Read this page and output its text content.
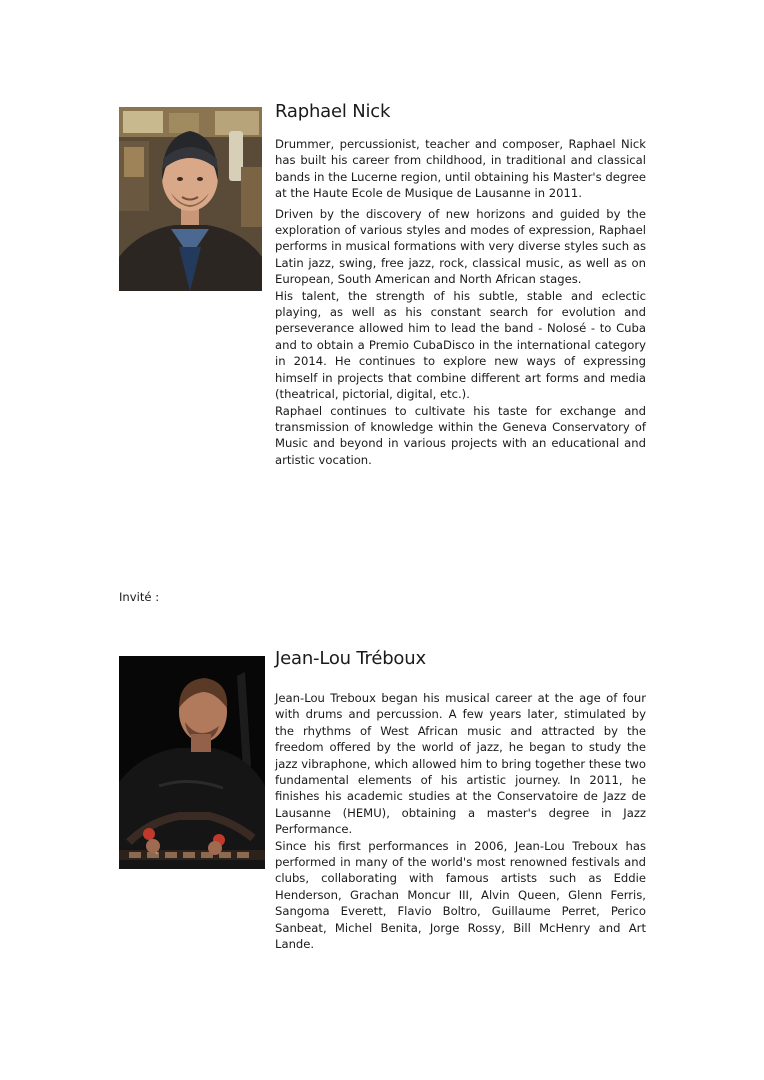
Raphael Nick

Drummer, percussionist, teacher and composer, Raphael Nick has built his career from childhood, in traditional and classical bands in the Lucerne region, until obtaining his Master's degree at the Haute Ecole de Musique de Lausanne in 2011.

Driven by the discovery of new horizons and guided by the exploration of various styles and modes of expression, Raphael performs in musical formations with very diverse styles such as Latin jazz, swing, free jazz, rock, classical music, as well as on European, South American and North African stages.

His talent, the strength of his subtle, stable and eclectic playing, as well as his constant search for evolution and perseverance allowed him to lead the band - Nolosé - to Cuba and to obtain a Premio CubaDisco in the international category in 2014. He continues to explore new ways of expressing himself in projects that combine different art forms and media (theatrical, pictorial, digital, etc.).

Raphael continues to cultivate his taste for exchange and transmission of knowledge within the Geneva Conservatory of Music and beyond in various projects with an educational and artistic vocation.

Invité :
Jean-Lou Tréboux

Jean-Lou Treboux began his musical career at the age of four with drums and percussion. A few years later, stimulated by the rhythms of West African music and attracted by the freedom offered by the world of jazz, he began to study the jazz vibraphone, which allowed him to bring together these two fundamental elements of his artistic journey. In 2011, he finishes his academic studies at the Conservatoire de Jazz de Lausanne (HEMU), obtaining a master's degree in Jazz Performance.

Since his first performances in 2006, Jean-Lou Treboux has performed in many of the world's most renowned festivals and clubs, collaborating with famous artists such as Eddie Henderson, Grachan Moncur III, Alvin Queen, Glenn Ferris, Sangoma Everett, Flavio Boltro, Guillaume Perret, Perico Sanbeat, Michel Benita, Jorge Rossy, Bill McHenry and Art Lande.
